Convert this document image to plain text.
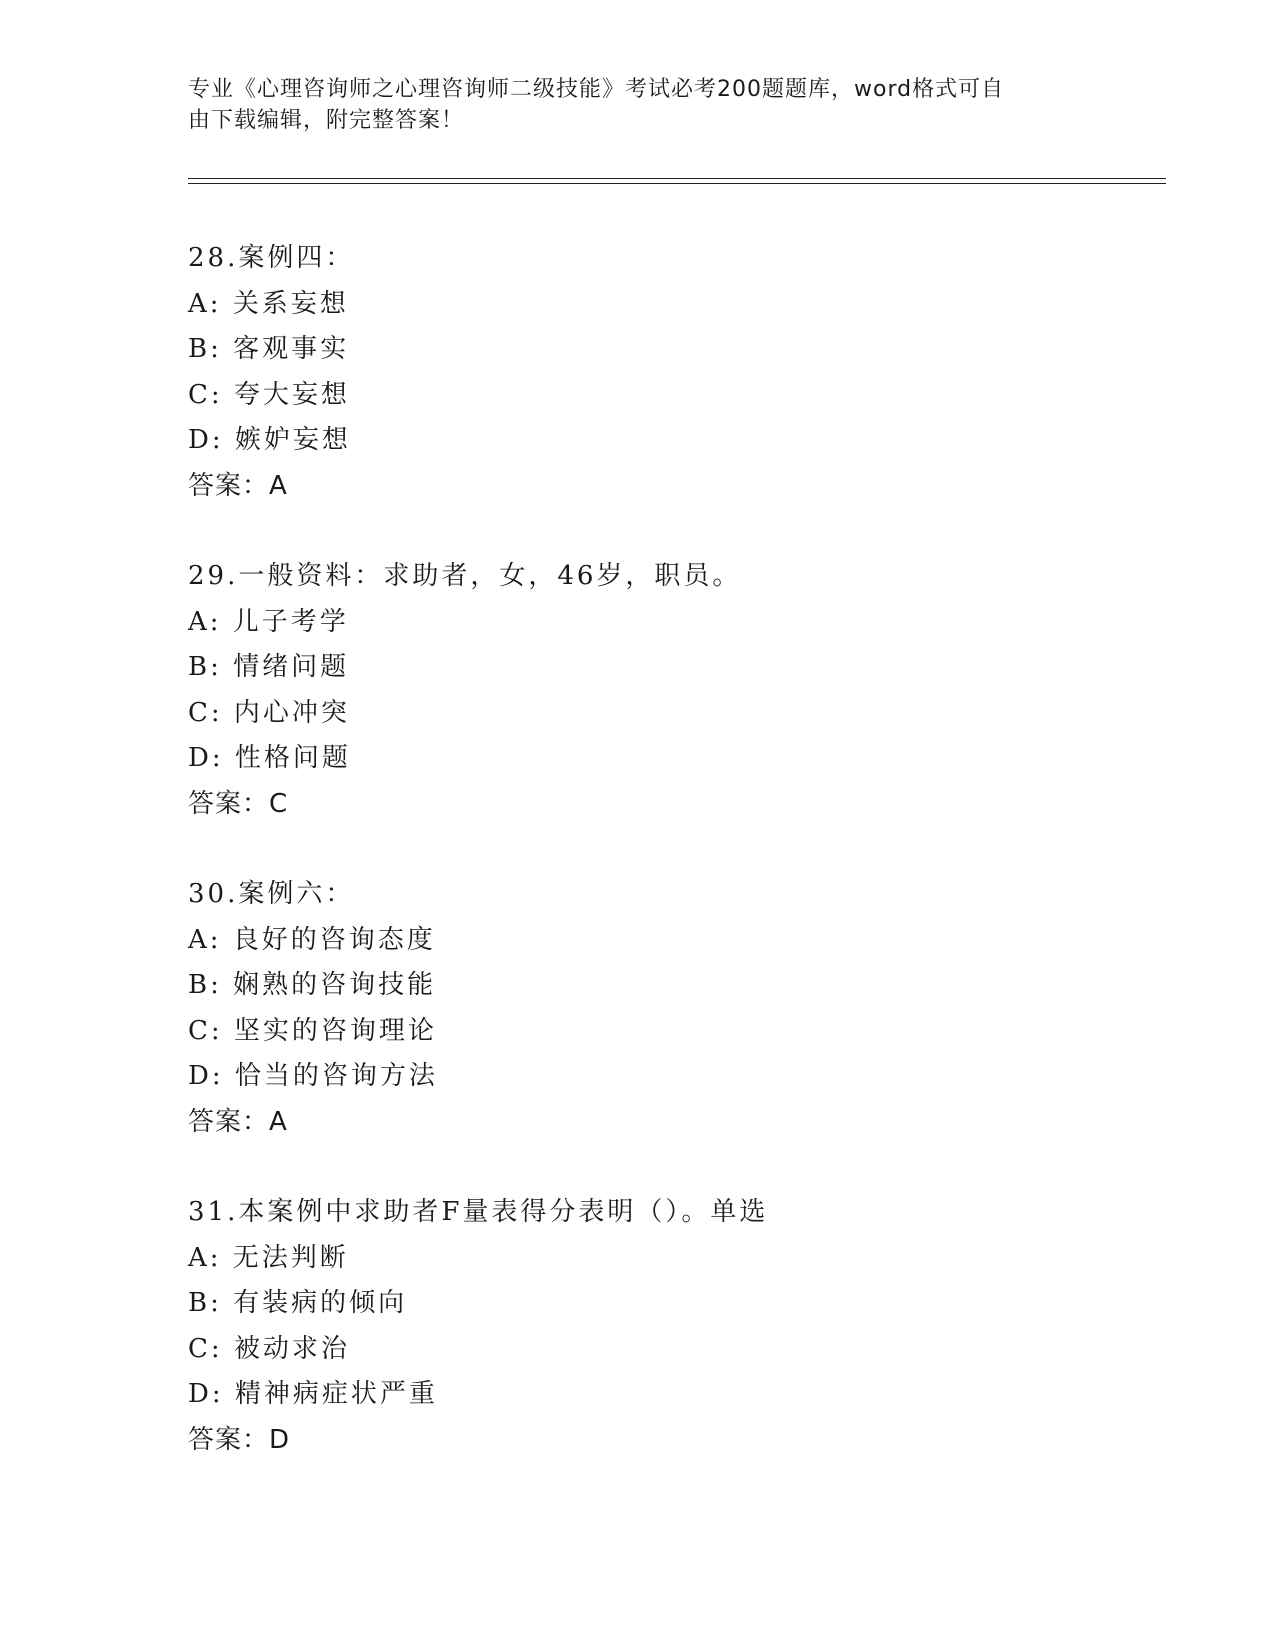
专业《心理咨询师之心理咨询师二级技能》考试必考200题题库，word格式可自
由下载编辑，附完整答案！
28.案例四：
A: 关系妄想
B: 客观事实
C: 夸大妄想
D: 嫉妒妄想
答案：A
29.一般资料：求助者，女，46岁，职员。
A: 儿子考学
B: 情绪问题
C: 内心冲突
D: 性格问题
答案：C
30.案例六：
A: 良好的咨询态度
B: 娴熟的咨询技能
C: 坚实的咨询理论
D: 恰当的咨询方法
答案：A
31.本案例中求助者F量表得分表明（）。单选
A: 无法判断
B: 有装病的倾向
C: 被动求治
D: 精神病症状严重
答案：D
